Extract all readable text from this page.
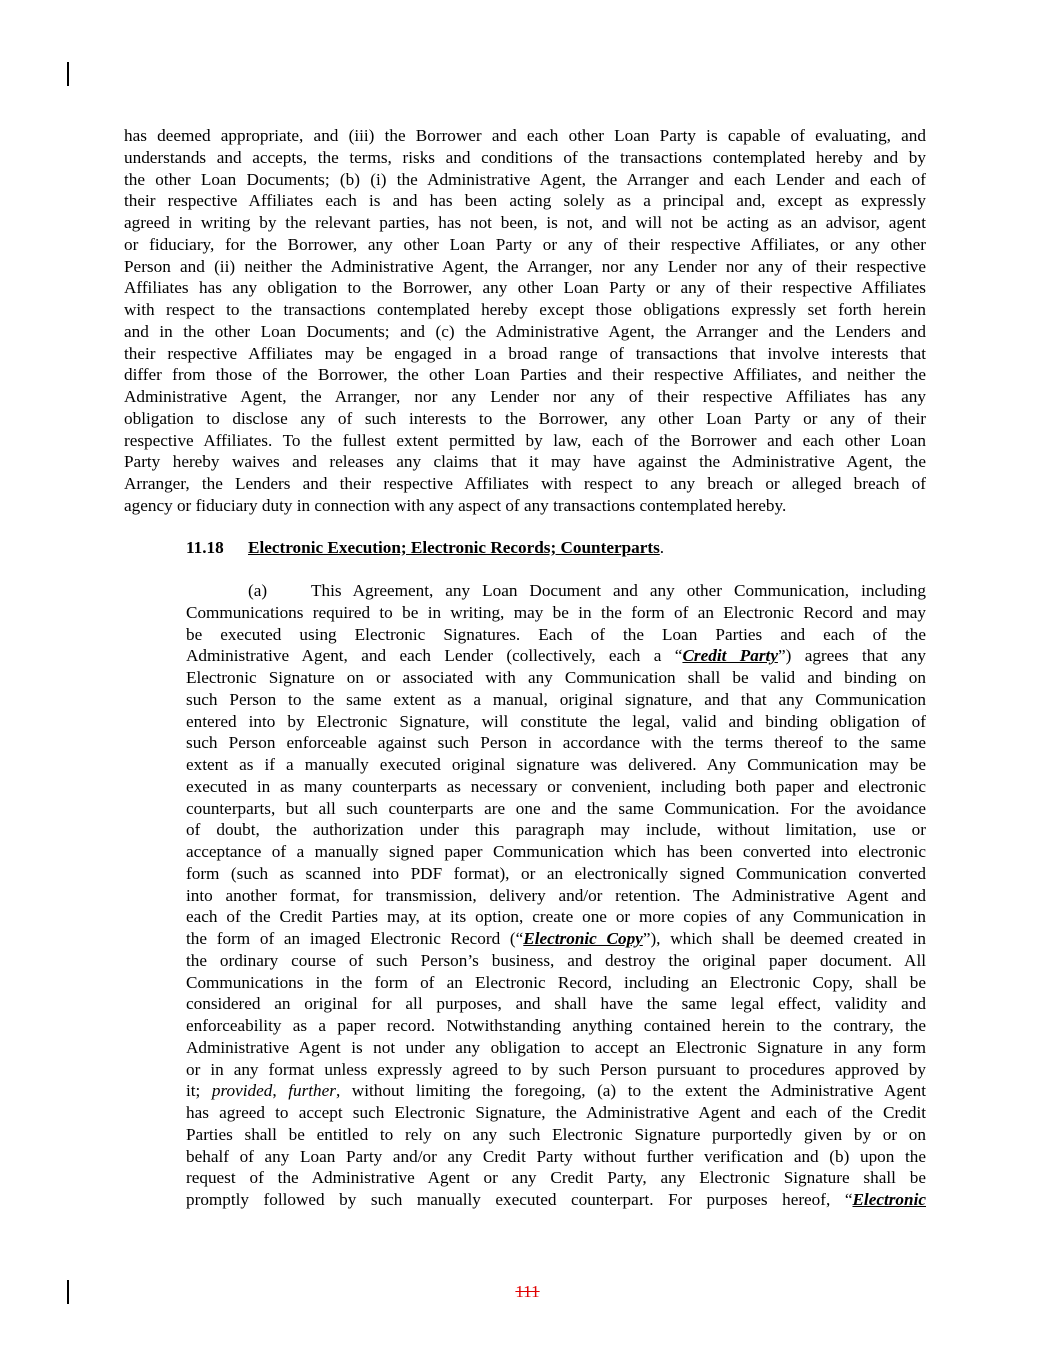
has deemed appropriate, and (iii) the Borrower and each other Loan Party is capable of evaluating, and
understands and accepts, the terms, risks and conditions of the transactions contemplated hereby and by
the other Loan Documents; (b) (i) the Administrative Agent, the Arranger and each Lender and each of
their respective Affiliates each is and has been acting solely as a principal and, except as expressly
agreed in writing by the relevant parties, has not been, is not, and will not be acting as an advisor, agent
or fiduciary, for the Borrower, any other Loan Party or any of their respective Affiliates, or any other
Person and (ii) neither the Administrative Agent, the Arranger, nor any Lender nor any of their respective
Affiliates has any obligation to the Borrower, any other Loan Party or any of their respective Affiliates
with respect to the transactions contemplated hereby except those obligations expressly set forth herein
and in the other Loan Documents; and (c) the Administrative Agent, the Arranger and the Lenders and
their respective Affiliates may be engaged in a broad range of transactions that involve interests that
differ from those of the Borrower, the other Loan Parties and their respective Affiliates, and neither the
Administrative Agent, the Arranger, nor any Lender nor any of their respective Affiliates has any
obligation to disclose any of such interests to the Borrower, any other Loan Party or any of their
respective Affiliates. To the fullest extent permitted by law, each of the Borrower and each other Loan
Party hereby waives and releases any claims that it may have against the Administrative Agent, the
Arranger, the Lenders and their respective Affiliates with respect to any breach or alleged breach of
agency or fiduciary duty in connection with any aspect of any transactions contemplated hereby.
11.18 Electronic Execution; Electronic Records; Counterparts.
(a)	This Agreement, any Loan Document and any other Communication, including
Communications required to be in writing, may be in the form of an Electronic Record and may
be executed using Electronic Signatures. Each of the Loan Parties and each of the
Administrative Agent, and each Lender (collectively, each a “Credit Party”) agrees that any
Electronic Signature on or associated with any Communication shall be valid and binding on
such Person to the same extent as a manual, original signature, and that any Communication
entered into by Electronic Signature, will constitute the legal, valid and binding obligation of
such Person enforceable against such Person in accordance with the terms thereof to the same
extent as if a manually executed original signature was delivered. Any Communication may be
executed in as many counterparts as necessary or convenient, including both paper and electronic
counterparts, but all such counterparts are one and the same Communication. For the avoidance
of doubt, the authorization under this paragraph may include, without limitation, use or
acceptance of a manually signed paper Communication which has been converted into electronic
form (such as scanned into PDF format), or an electronically signed Communication converted
into another format, for transmission, delivery and/or retention. The Administrative Agent and
each of the Credit Parties may, at its option, create one or more copies of any Communication in
the form of an imaged Electronic Record (“Electronic Copy”), which shall be deemed created in
the ordinary course of such Person’s business, and destroy the original paper document. All
Communications in the form of an Electronic Record, including an Electronic Copy, shall be
considered an original for all purposes, and shall have the same legal effect, validity and
enforceability as a paper record. Notwithstanding anything contained herein to the contrary, the
Administrative Agent is not under any obligation to accept an Electronic Signature in any form
or in any format unless expressly agreed to by such Person pursuant to procedures approved by
it; provided, further, without limiting the foregoing, (a) to the extent the Administrative Agent
has agreed to accept such Electronic Signature, the Administrative Agent and each of the Credit
Parties shall be entitled to rely on any such Electronic Signature purportedly given by or on
behalf of any Loan Party and/or any Credit Party without further verification and (b) upon the
request of the Administrative Agent or any Credit Party, any Electronic Signature shall be
promptly followed by such manually executed counterpart. For purposes hereof, “Electronic
111
